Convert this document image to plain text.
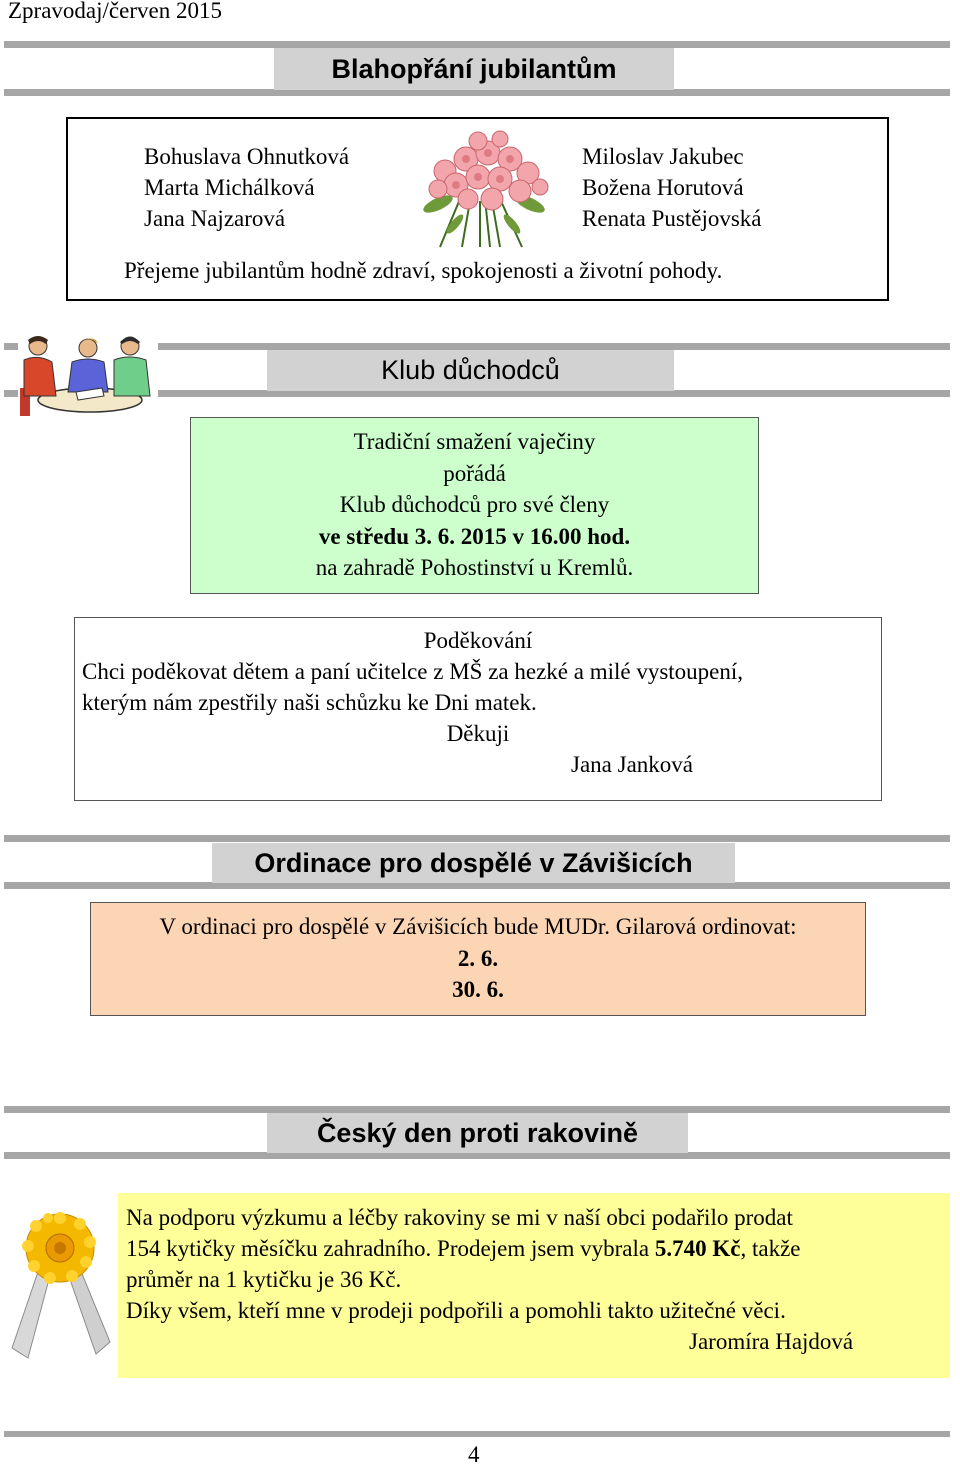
Zpravodaj/červen 2015
Blahopřání jubilantům
Bohuslava Ohnutková
Marta Michálková
Jana Najzarová
Miloslav Jakubec
Božena Horutová
Renata Pustějovská
Přejeme jubilantům hodně zdraví, spokojenosti a životní pohody.
Klub důchodců
Tradiční smažení vaječiny
pořádá
Klub důchodců pro své členy
ve středu 3. 6. 2015 v 16.00 hod.
na zahradě Pohostinství u Kremlů.
Poděkování
Chci poděkovat dětem a paní učitelce z MŠ za hezké a milé vystoupení,
kterým nám zpestřily naši schůzku ke Dni matek.
Děkuji
Jana Janková
Ordinace pro dospělé v Závišicích
V ordinaci pro dospělé v Závišicích bude MUDr. Gilarová ordinovat:
2. 6.
30. 6.
Český den proti rakovině
Na podporu výzkumu a léčby rakoviny se mi v naší obci podařilo prodat
154 kytičky měsíčku zahradního. Prodejem jsem vybrala 5.740 Kč, takže
průměr na 1 kytičku je 36 Kč.
Díky všem, kteří mne v prodeji podpořili a pomohli takto užitečné věci.
Jaromíra Hajdová
4
